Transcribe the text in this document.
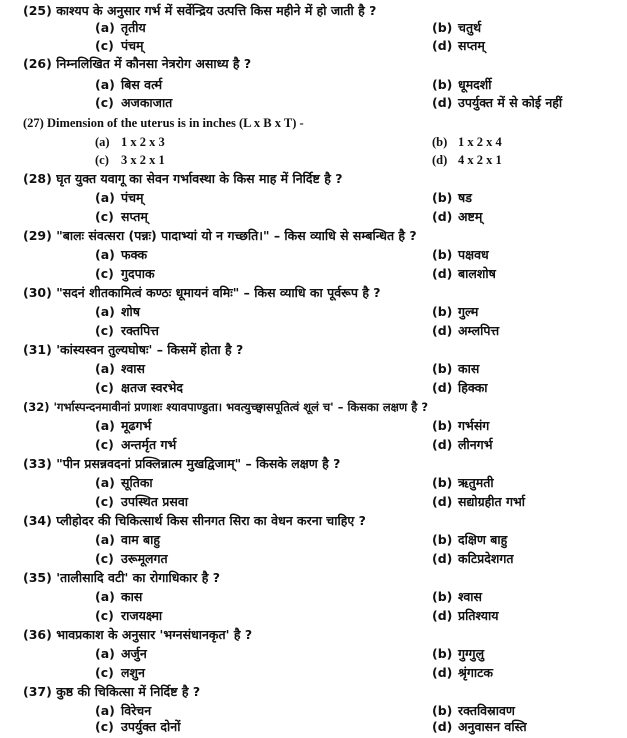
(25) काश्यप के अनुसार गर्भ में सर्वेन्द्रिय उत्पत्ति किस महीने में हो जाती है ?
(a) तृतीय	(b) चतुर्थ
(c) पंचम्	(d) सप्तम्
(26) निम्नलिखित में कौनसा नेत्ररोग असाध्य है ?
(a) बिस वर्त्म	(b) धूमदर्शी
(c) अजकाजात	(d) उपर्युक्त में से कोई नहीं
(27) Dimension of the uterus is in inches (L x B x T) -
(a) 1 x 2 x 3	(b) 1 x 2 x 4
(c) 3 x 2 x 1	(d) 4 x 2 x 1
(28) घृत युक्त यवागू का सेवन गर्भावस्था के किस माह में निर्दिष्ट है ?
(a) पंचम्	(b) षड
(c) सप्तम्	(d) अष्टम्
(29) "बालः संवत्सरा (पन्नः) पादाभ्यां यो न गच्छति।" – किस व्याधि से सम्बन्धित है ?
(a) फक्क	(b) पक्षवध
(c) गुदपाक	(d) बालशोष
(30) "सदनं शीतकामित्वं कण्ठः धूमायनं वमिः" – किस व्याधि का पूर्वरूप है ?
(a) शोष	(b) गुल्म
(c) रक्तपित्त	(d) अम्लपित्त
(31) 'कांस्यस्वन तुल्यघोषः' – किसमें होता है ?
(a) श्वास	(b) कास
(c) क्षतज स्वरभेद	(d) हिक्का
(32) 'गर्भास्पन्दनमावीनां प्रणाशः श्यावपाण्डुता। भवत्युच्छ्वासपूतित्वं शूलं च' – किसका लक्षण है ?
(a) मूढगर्भ	(b) गर्भसंग
(c) अन्तर्मृत गर्भ	(d) लीनगर्भ
(33) "पीन प्रसन्नवदनां प्रक्लिन्नात्म मुखद्विजाम्" – किसके लक्षण है ?
(a) सूतिका	(b) ऋतुमती
(c) उपस्थित प्रसवा	(d) सद्योग्रहीत गर्भा
(34) प्लीहोदर की चिकित्सार्थ किस सीनगत सिरा का वेधन करना चाहिए ?
(a) वाम बाहु	(b) दक्षिण बाहु
(c) उरूमूलगत	(d) कटिप्रदेशगत
(35) 'तालीसादि वटी' का रोगाधिकार है ?
(a) कास	(b) श्वास
(c) राजयक्ष्मा	(d) प्रतिश्याय
(36) भावप्रकाश के अनुसार 'भग्नसंधानकृत' है ?
(a) अर्जुन	(b) गुग्गुलु
(c) लशुन	(d) श्रृंगाटक
(37) कुष्ठ की चिकित्सा में निर्दिष्ट है ?
(a) विरेचन	(b) रक्तविस्रावण
(c) उपर्युक्त दोनों	(d) अनुवासन वस्ति
